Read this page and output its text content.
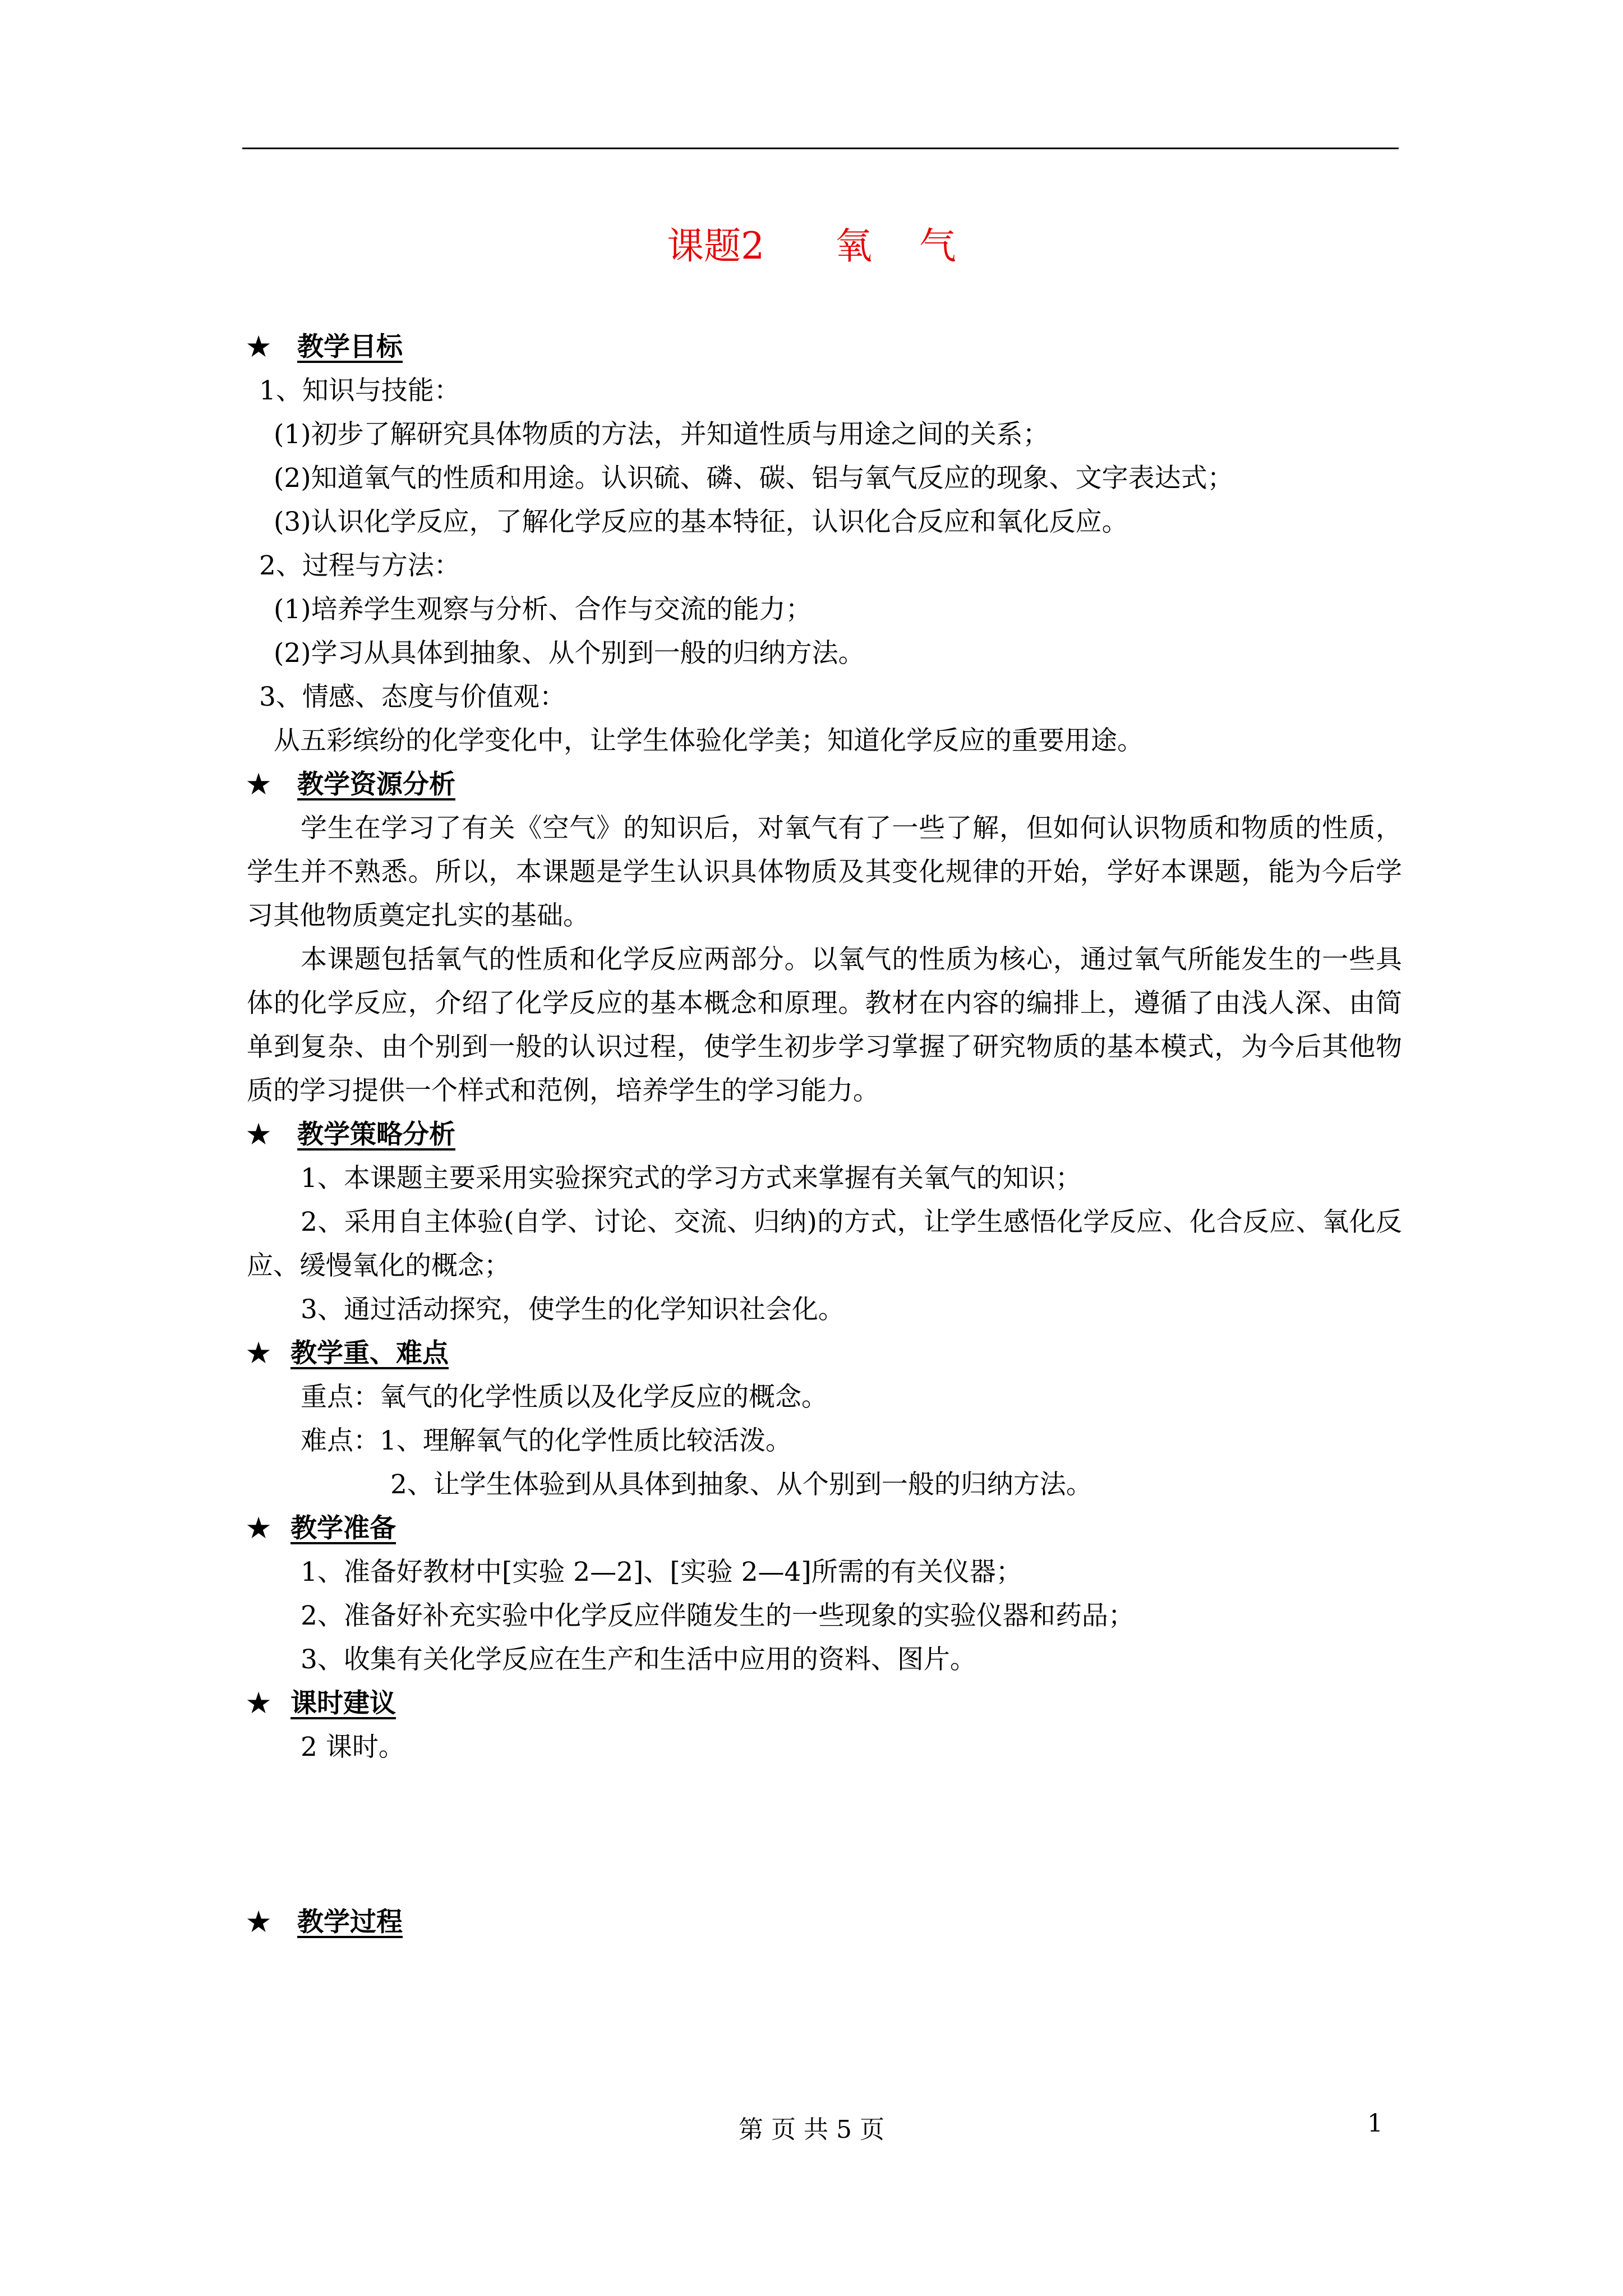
课题2      氧    气
★ 教学目标
1、知识与技能：
(1)初步了解研究具体物质的方法，并知道性质与用途之间的关系；
(2)知道氧气的性质和用途。认识硫、磷、碳、铝与氧气反应的现象、文字表达式；
(3)认识化学反应，了解化学反应的基本特征，认识化合反应和氧化反应。
2、过程与方法：
(1)培养学生观察与分析、合作与交流的能力；
(2)学习从具体到抽象、从个别到一般的归纳方法。
3、情感、态度与价值观：
从五彩缤纷的化学变化中，让学生体验化学美；知道化学反应的重要用途。
★ 教学资源分析
学生在学习了有关《空气》的知识后，对氧气有了一些了解，但如何认识物质和物质的性质，学生并不熟悉。所以，本课题是学生认识具体物质及其变化规律的开始，学好本课题，能为今后学习其他物质奠定扎实的基础。
本课题包括氧气的性质和化学反应两部分。以氧气的性质为核心，通过氧气所能发生的一些具体的化学反应，介绍了化学反应的基本概念和原理。教材在内容的编排上，遵循了由浅人深、由简单到复杂、由个别到一般的认识过程，使学生初步学习掌握了研究物质的基本模式，为今后其他物质的学习提供一个样式和范例，培养学生的学习能力。
★ 教学策略分析
1、本课题主要采用实验探究式的学习方式来掌握有关氧气的知识；
2、采用自主体验(自学、讨论、交流、归纳)的方式，让学生感悟化学反应、化合反应、氧化反应、缓慢氧化的概念；
3、通过活动探究，使学生的化学知识社会化。
★ 教学重、难点
重点：氧气的化学性质以及化学反应的概念。
难点：1、理解氧气的化学性质比较活泼。
2、让学生体验到从具体到抽象、从个别到一般的归纳方法。
★ 教学准备
1、准备好教材中[实验 2—2]、[实验 2—4]所需的有关仪器；
2、准备好补充实验中化学反应伴随发生的一些现象的实验仪器和药品；
3、收集有关化学反应在生产和生活中应用的资料、图片。
★ 课时建议
2 课时。
★ 教学过程
第 页 共 5 页	1
